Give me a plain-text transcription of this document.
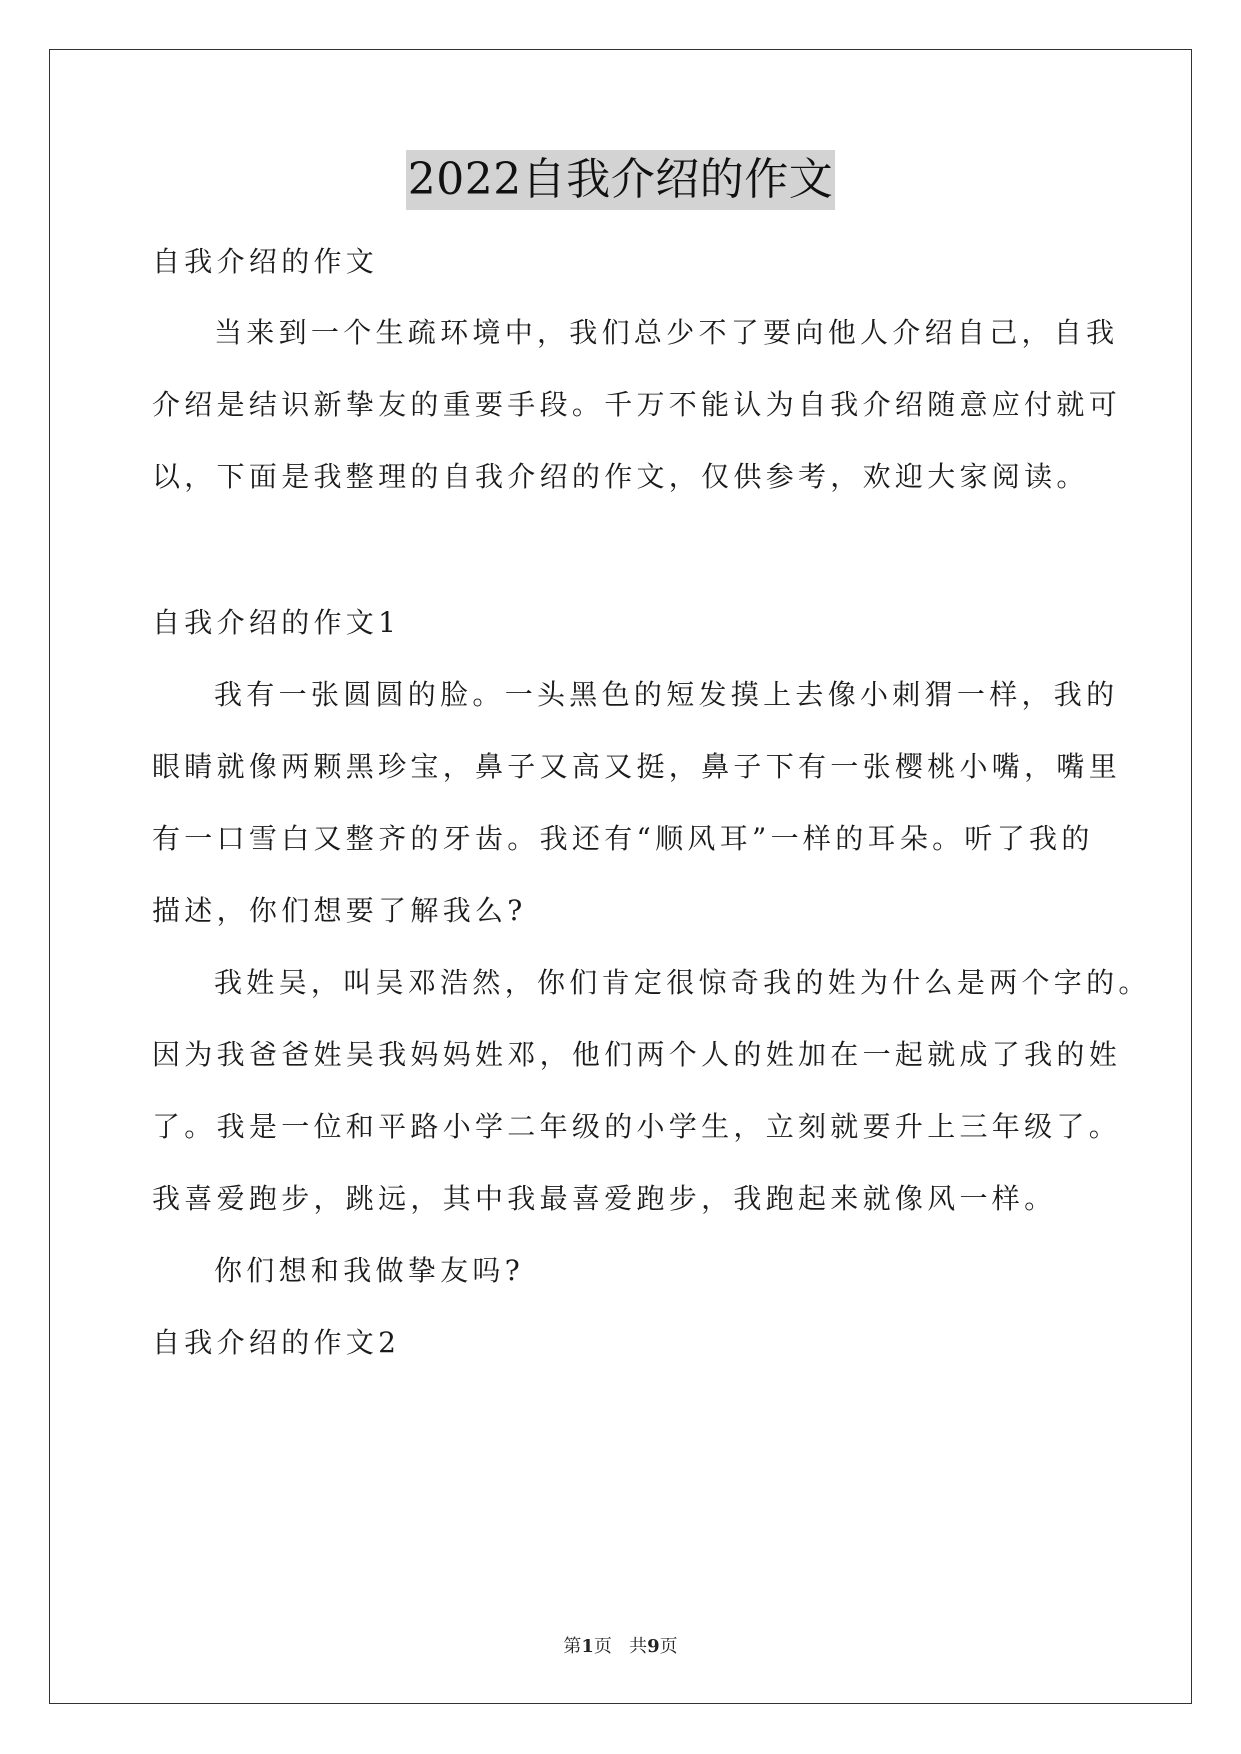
2022自我介绍的作文
自我介绍的作文
当来到一个生疏环境中，我们总少不了要向他人介绍自己，自我
介绍是结识新挚友的重要手段。千万不能认为自我介绍随意应付就可
以，下面是我整理的自我介绍的作文，仅供参考，欢迎大家阅读。
自我介绍的作文1
我有一张圆圆的脸。一头黑色的短发摸上去像小刺猬一样，我的
眼睛就像两颗黑珍宝，鼻子又高又挺，鼻子下有一张樱桃小嘴，嘴里
有一口雪白又整齐的牙齿。我还有“顺风耳”一样的耳朵。听了我的
描述，你们想要了解我么?
我姓吴，叫吴邓浩然，你们肯定很惊奇我的姓为什么是两个字的。
因为我爸爸姓吴我妈妈姓邓，他们两个人的姓加在一起就成了我的姓
了。我是一位和平路小学二年级的小学生，立刻就要升上三年级了。
我喜爱跑步，跳远，其中我最喜爱跑步，我跑起来就像风一样。
你们想和我做挚友吗?
自我介绍的作文2
第1页   共9页
